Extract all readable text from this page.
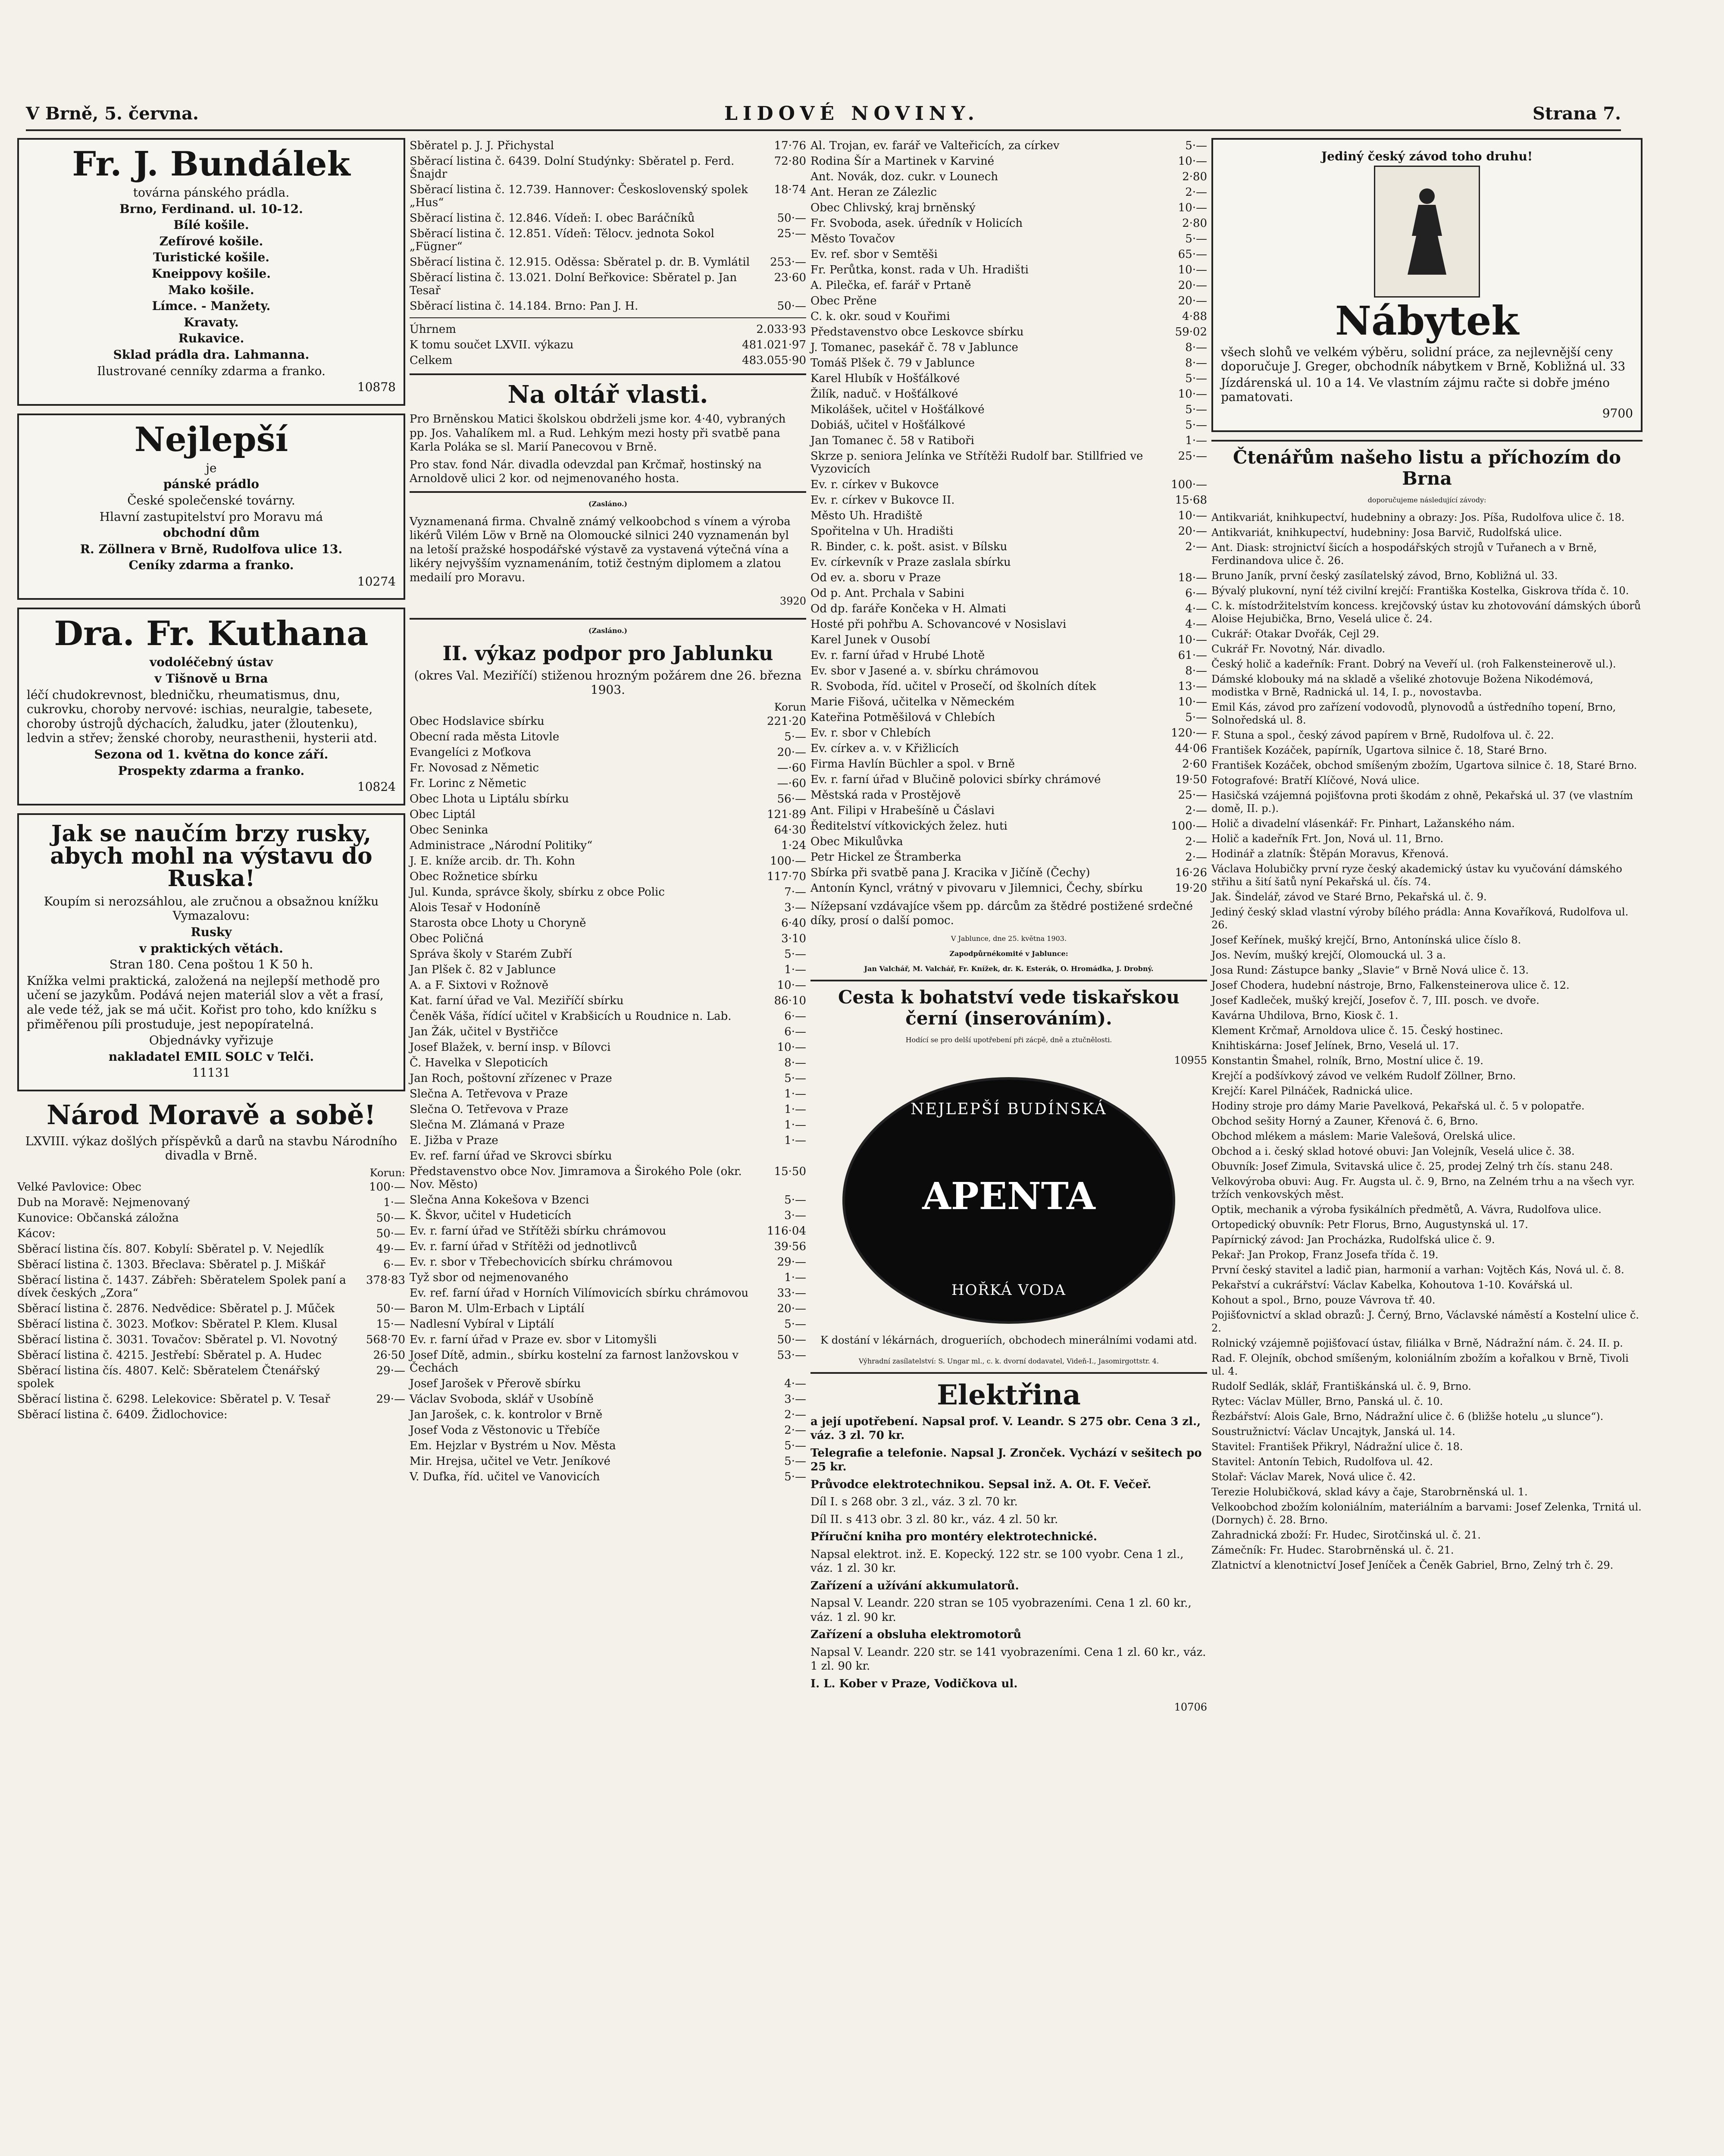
V Brně, 5. června.	LIDOVÉ NOVINY.	Strana 7.
Fr. J. Bundálek

továrna pánského prádla.

Brno, Ferdinand. ul. 10-12.

Bílé košile.

Zefírové košile.

Turistické košile.

Kneippovy košile.

Mako košile.

Límce. - Manžety.

Kravaty.

Rukavice.

Sklad prádla dra. Lahmanna.

Ilustrované cenníky zdarma a franko.

10878

Nejlepší

je

pánské prádlo

České společenské továrny.

Hlavní zastupitelství pro Moravu má

obchodní dům

R. Zöllnera v Brně, Rudolfova ulice 13.

Ceníky zdarma a franko.

10274

Dra. Fr. Kuthana

vodoléčebný ústav

v Tišnově u Brna

léčí chudokrevnost, bledničku, rheumatismus, dnu, cukrovku, choroby nervové: ischias, neuralgie, tabesete, choroby ústrojů dýchacích, žaludku, jater (žloutenku), ledvin a střev; ženské choroby, neurasthenii, hysterii atd.

Sezona od 1. května do konce září.

Prospekty zdarma a franko.

10824

Jak se naučím brzy rusky, abych mohl na výstavu do Ruska!

Koupím si nerozsáhlou, ale zručnou a obsažnou knížku Vymazalovu:

Rusky

v praktických větách.

Stran 180. Cena poštou 1 K 50 h.

Knížka velmi praktická, založená na nejlepší methodě pro učení se jazykům. Podává nejen materiál slov a vět a frasí, ale vede též, jak se má učit. Kořist pro toho, kdo knížku s přiměřenou píli prostuduje, jest nepopíratelná.

Objednávky vyřizuje

nakladatel EMIL SOLC v Telči.

11131

Národ Moravě a sobě!
LXVIII. výkaz došlých příspěvků a darů na stavbu Národního divadla v Brně.
Korun:
Velké Pavlovice: Obec	100·—
Dub na Moravě: Nejmenovaný	1·—
Kunovice: Občanská záložna	50·—
Kácov:	50·—
Sběrací listina čís. 807. Kobylí: Sběratel p. V. Nejedlík	49·—
Sběrací listina č. 1303. Břeclava: Sběratel p. J. Miškář	6·—
Sběrací listina č. 1437. Zábřeh: Sběratelem Spolek paní a dívek českých „Zora“	378·83
Sběrací listina č. 2876. Nedvědice: Sběratel p. J. Műček	50·—
Sběrací listina č. 3023. Moťkov: Sběratel P. Klem. Klusal	15·—
Sběrací listina č. 3031. Tovačov: Sběratel p. Vl. Novotný	568·70
Sběrací listina č. 4215. Jestřebí: Sběratel p. A. Hudec	26·50
Sběrací listina čís. 4807. Kelč: Sběratelem Čtenářský spolek	29·—
Sběrací listina č. 6298. Lelekovice: Sběratel p. V. Tesař	29·—
Sběrací listina č. 6409. Židlochovice:	
Sběratel p. J. J. Přichystal	17·76
Sběrací listina č. 6439. Dolní Studýnky: Sběratel p. Ferd. Šnajdr	72·80
Sběrací listina č. 12.739. Hannover: Československý spolek „Hus“	18·74
Sběrací listina č. 12.846. Vídeň: I. obec Baráčníků	50·—
Sběrací listina č. 12.851. Vídeň: Tělocv. jednota Sokol „Fügner“	25·—
Sběrací listina č. 12.915. Oděssa: Sběratel p. dr. B. Vymlátil	253·—
Sběrací listina č. 13.021. Dolní Beřkovice: Sběratel p. Jan Tesař	23·60
Sběrací listina č. 14.184. Brno: Pan J. H.	50·—
Úhrnem	2.033·93
K tomu součet LXVII. výkazu	481.021·97
Celkem	483.055·90
Na oltář vlasti.

Pro Brněnskou Matici školskou obdrželi jsme kor. 4·40, vybraných pp. Jos. Vahalíkem ml. a Rud. Lehkým mezi hosty při svatbě pana Karla Poláka se sl. Marií Panecovou v Brně.

Pro stav. fond Nár. divadla odevzdal pan Krčmař, hostinský na Arnoldově ulici 2 kor. od nejmenovaného hosta.

(Zasláno.)

Vyznamenaná firma. Chvalně známý velkoobchod s vínem a výroba likérů Vilém Löw v Brně na Olomoucké silnici 240 vyznamenán byl na letoší pražské hospodářské výstavě za vystavená výtečná vína a likéry nejvyšším vyznamenáním, totiž čestným diplomem a zlatou medailí pro Moravu.

3920

(Zasláno.)

II. výkaz podpor pro Jablunku
(okres Val. Meziříčí) stiženou hrozným požárem dne 26. března 1903.
Korun
Obec Hodslavice sbírku	221·20
Obecní rada města Litovle	5·—
Evangelíci z Moťkova	20·—
Fr. Novosad z Němetic	—·60
Fr. Lorinc z Němetic	—·60
Obec Lhota u Liptálu sbírku	56·—
Obec Liptál	121·89
Obec Seninka	64·30
Administrace „Národní Politiky“	1·24
J. E. kníže arcib. dr. Th. Kohn	100·—
Obec Rožnetice sbírku	117·70
Jul. Kunda, správce školy, sbírku z obce Polic	7·—
Alois Tesař v Hodoníně	3·—
Starosta obce Lhoty u Choryně	6·40
Obec Poličná	3·10
Správa školy v Starém Zubří	5·—
Jan Plšek č. 82 v Jablunce	1·—
A. a F. Sixtovi v Rožnově	10·—
Kat. farní úřad ve Val. Meziříčí sbírku	86·10
Čeněk Váša, řídící učitel v Krabšicích u Roudnice n. Lab.	6·—
Jan Žák, učitel v Bystřičce	6·—
Josef Blažek, v. berní insp. v Bílovci	10·—
Č. Havelka v Slepoticích	8·—
Jan Roch, poštovní zřízenec v Praze	5·—
Slečna A. Tetřevova v Praze	1·—
Slečna O. Tetřevova v Praze	1·—
Slečna M. Zlámaná v Praze	1·—
E. Jižba v Praze	1·—
Ev. ref. farní úřad ve Skrovci sbírku	
Představenstvo obce Nov. Jimramova a Širokého Pole (okr. Nov. Město)	15·50
Slečna Anna Kokešova v Bzenci	5·—
K. Škvor, učitel v Hudeticích	3·—
Ev. r. farní úřad ve Střítěži sbírku chrámovou	116·04
Ev. r. farní úřad v Střítěži od jednotlivců	39·56
Ev. r. sbor v Třebechovicích sbírku chrámovou	29·—
Tyž sbor od nejmenovaného	1·—
Ev. ref. farní úřad v Horních Vilímovicích sbírku chrámovou	33·—
Baron M. Ulm-Erbach v Liptálí	20·—
Nadlesní Vybíral v Liptálí	5·—
Ev. r. farní úřad v Praze ev. sbor v Litomyšli	50·—
Josef Dítě, admin., sbírku kostelní za farnost lanžovskou v Čechách	53·—
Josef Jarošek v Přerově sbírku	4·—
Václav Svoboda, sklář v Usobíně	3·—
Jan Jarošek, c. k. kontrolor v Brně	2·—
Josef Voda z Věstonovic u Třebíče	2·—
Em. Hejzlar v Bystrém u Nov. Města	5·—
Mir. Hrejsa, učitel ve Vetr. Jeníkové	5·—
V. Dufka, říd. učitel ve Vanovicích	5·—
Al. Trojan, ev. farář ve Valteřicích, za církev	5·—
Rodina Šír a Martinek v Karviné	10·—
Ant. Novák, doz. cukr. v Lounech	2·80
Ant. Heran ze Zálezlic	2·—
Obec Chlivský, kraj brněnský	10·—
Fr. Svoboda, asek. úředník v Holicích	2·80
Město Tovačov	5·—
Ev. ref. sbor v Semtěši	65·—
Fr. Perůtka, konst. rada v Uh. Hradišti	10·—
A. Pilečka, ef. farář v Prtaně	20·—
Obec Prěne	20·—
C. k. okr. soud v Kouřimi	4·88
Představenstvo obce Leskovce sbírku	59·02
J. Tomanec, pasekář č. 78 v Jablunce	8·—
Tomáš Plšek č. 79 v Jablunce	8·—
Karel Hlubík v Hošťálkové	5·—
Žilík, naduč. v Hošťálkové	10·—
Mikolášek, učitel v Hošťálkové	5·—
Dobiáš, učitel v Hošťálkové	5·—
Jan Tomanec č. 58 v Ratiboři	1·—
Skrze p. seniora Jelínka ve Střítěži Rudolf bar. Stillfried ve Vyzovicích	25·—
Ev. r. církev v Bukovce	100·—
Ev. r. církev v Bukovce II.	15·68
Město Uh. Hradiště	10·—
Spořitelna v Uh. Hradišti	20·—
R. Binder, c. k. pošt. asist. v Bílsku	2·—
Ev. církevník v Praze zaslala sbírku	
Od ev. a. sboru v Praze	18·—
Od p. Ant. Prchala v Sabini	6·—
Od dp. faráře Končeka v H. Almati	4·—
Hosté při pohřbu A. Schovancové v Nosislavi	4·—
Karel Junek v Ousobí	10·—
Ev. r. farní úřad v Hrubé Lhotě	61·—
Ev. sbor v Jasené a. v. sbírku chrámovou	8·—
R. Svoboda, říd. učitel v Prosečí, od školních dítek	13·—
Marie Fišová, učitelka v Německém	10·—
Kateřina Potměšilová v Chlebích	5·—
Ev. r. sbor v Chlebích	120·—
Ev. církev a. v. v Křižlicích	44·06
Firma Havlín Büchler a spol. v Brně	2·60
Ev. r. farní úřad v Blučině polovici sbírky chrámové	19·50
Městská rada v Prostějově	25·—
Ant. Filipi v Hrabešíně u Čáslavi	2·—
Ředitelství vítkovických želez. huti	100·—
Obec Mikulůvka	2·—
Petr Hickel ze Štramberka	2·—
Sbírka při svatbě pana J. Kracika v Jičíně (Čechy)	16·26
Antonín Kyncl, vrátný v pivovaru v Jilemnici, Čechy, sbírku	19·20

Nížepsaní vzdávajíce všem pp. dárcům za štědré postižené srdečné díky, prosí o další pomoc.

V Jablunce, dne 25. května 1903.

Zapodpůrnékomité v Jablunce:

Jan Valchář, M. Valchář, Fr. Knížek, dr. K. Esterák, O. Hromádka, J. Drobný.

Cesta k bohatství vede tiskařskou černí (inserováním).

Hodící se pro delší upotřebení při zácpě, dně a ztučnělosti.

10955

NEJLEPŠÍ BUDÍNSKÁ
APENTA
HOŘKÁ VODA

K dostání v lékárnách, drogueriích, obchodech minerálními vodami atd.

Výhradní zasílatelství: S. Ungar ml., c. k. dvorní dodavatel, Videň-I., Jasomirgottstr. 4.

Elektřina

a její upotřebení. Napsal prof. V. Leandr. S 275 obr. Cena 3 zl., váz. 3 zl. 70 kr.

Telegrafie a telefonie. Napsal J. Zronček. Vychází v sešitech po 25 kr.

Průvodce elektrotechnikou. Sepsal inž. A. Ot. F. Večeř.

Díl I. s 268 obr. 3 zl., váz. 3 zl. 70 kr.

Díl II. s 413 obr. 3 zl. 80 kr., váz. 4 zl. 50 kr.

Příruční kniha pro montéry elektrotechnické.

Napsal elektrot. inž. E. Kopecký. 122 str. se 100 vyobr. Cena 1 zl., váz. 1 zl. 30 kr.

Zařízení a užívání akkumulatorů.

Napsal V. Leandr. 220 stran se 105 vyobrazeními. Cena 1 zl. 60 kr., váz. 1 zl. 90 kr.

Zařízení a obsluha elektromotorů

Napsal V. Leandr. 220 str. se 141 vyobrazeními. Cena 1 zl. 60 kr., váz. 1 zl. 90 kr.

I. L. Kober v Praze, Vodičkova ul.

10706

Jediný český závod toho druhu!

Nábytek

všech slohů ve velkém výběru, solidní práce, za nejlevnější ceny doporučuje J. Greger, obchodník nábytkem v Brně, Kobližná ul. 33

Jízdárenská ul. 10 a 14. Ve vlastním zájmu račte si dobře jméno pamatovati.

9700

Čtenářům našeho listu a příchozím do Brna

doporučujeme následující závody:

Antikvariát, knihkupectví, hudebniny a obrazy: Jos. Píša, Rudolfova ulice č. 18.

Antikvariát, knihkupectví, hudebniny: Josa Barvič, Rudolfská ulice.

Ant. Diask: strojnictví šicích a hospodářských strojů v Tuřanech a v Brně, Ferdinandova ulice č. 26.

Bruno Janík, první český zasílatelský závod, Brno, Kobližná ul. 33.

Bývalý plukovní, nyní též civilní krejčí: Františka Kostelka, Giskrova třída č. 10.

C. k. místodržitelstvím koncess. krejčovský ústav ku zhotovování dámských úborů Aloise Hejubička, Brno, Veselá ulice č. 24.

Cukrář: Otakar Dvořák, Cejl 29.

Cukrář Fr. Novotný, Nár. divadlo.

Český holič a kadeřník: Frant. Dobrý na Veveří ul. (roh Falkensteinerově ul.).

Dámské klobouky má na skladě a všeliké zhotovuje Božena Nikodémová, modistka v Brně, Radnická ul. 14, I. p., novostavba.

Emil Kás, závod pro zařízení vodovodů, plynovodů a ústředního topení, Brno, Solnoředská ul. 8.

F. Stuna a spol., český závod papírem v Brně, Rudolfova ul. č. 22.

František Kozáček, papírník, Ugartova silnice č. 18, Staré Brno.

František Kozáček, obchod smíšeným zbožím, Ugartova silnice č. 18, Staré Brno.

Fotografové: Bratří Klíčové, Nová ulice.

Hasičská vzájemná pojišťovna proti škodám z ohně, Pekařská ul. 37 (ve vlastním domě, II. p.).

Holič a divadelní vlásenkář: Fr. Pinhart, Lažanského nám.

Holič a kadeřník Frt. Jon, Nová ul. 11, Brno.

Hodinář a zlatník: Štěpán Moravus, Křenová.

Václava Holubičky první ryze český akademický ústav ku vyučování dámského střihu a šití šatů nyní Pekařská ul. čís. 74.

Jak. Šindelář, závod ve Staré Brno, Pekařská ul. č. 9.

Jediný český sklad vlastní výroby bílého prádla: Anna Kovaříková, Rudolfova ul. 26.

Josef Keřínek, mušký krejčí, Brno, Antonínská ulice číslo 8.

Jos. Nevím, mušký krejčí, Olomoucká ul. 3 a.

Josa Rund: Zástupce banky „Slavie“ v Brně Nová ulice č. 13.

Josef Chodera, hudební nástroje, Brno, Falkensteinerova ulice č. 12.

Josef Kadleček, mušký krejčí, Josefov č. 7, III. posch. ve dvoře.

Kavárna Uhdilova, Brno, Kiosk č. 1.

Klement Krčmař, Arnoldova ulice č. 15. Český hostinec.

Knihtiskárna: Josef Jelínek, Brno, Veselá ul. 17.

Konstantin Šmahel, rolník, Brno, Mostní ulice č. 19.

Krejčí a podšívkový závod ve velkém Rudolf Zöllner, Brno.

Krejčí: Karel Pilnáček, Radnická ulice.

Hodiny stroje pro dámy Marie Pavelková, Pekařská ul. č. 5 v polopatře.

Obchod sešity Horný a Zauner, Křenová č. 6, Brno.

Obchod mlékem a máslem: Marie Valešová, Orelská ulice.

Obchod a i. český sklad hotové obuvi: Jan Volejník, Veselá ulice č. 38.

Obuvník: Josef Zimula, Svitavská ulice č. 25, prodej Zelný trh čís. stanu 248.

Velkovýroba obuvi: Aug. Fr. Augsta ul. č. 9, Brno, na Zelném trhu a na všech vyr. tržích venkovských měst.

Optik, mechanik a výroba fysikálních předmětů, A. Vávra, Rudolfova ulice.

Ortopedický obuvník: Petr Florus, Brno, Augustynská ul. 17.

Papírnický závod: Jan Procházka, Rudolfská ulice č. 9.

Pekař: Jan Prokop, Franz Josefa třída č. 19.

První český stavitel a ladič pian, harmonií a varhan: Vojtěch Kás, Nová ul. č. 8.

Pekařství a cukrářství: Václav Kabelka, Kohoutova 1-10. Kovářská ul.

Kohout a spol., Brno, pouze Vávrova tř. 40.

Pojišťovnictví a sklad obrazů: J. Černý, Brno, Václavské náměstí a Kostelní ulice č. 2.

Rolnický vzájemně pojišťovací ústav, filiálka v Brně, Nádražní nám. č. 24. II. p.

Rad. F. Olejník, obchod smíšeným, koloniálním zbožím a kořalkou v Brně, Tivoli ul. 4.

Rudolf Sedlák, sklář, Františkánská ul. č. 9, Brno.

Rytec: Václav Müller, Brno, Panská ul. č. 10.

Řezbářství: Alois Gale, Brno, Nádražní ulice č. 6 (bližše hotelu „u slunce“).

Soustružnictví: Václav Uncajtyk, Janská ul. 14.

Stavitel: František Přikryl, Nádražní ulice č. 18.

Stavitel: Antonín Tebich, Rudolfova ul. 42.

Stolař: Václav Marek, Nová ulice č. 42.

Terezie Holubičková, sklad kávy a čaje, Starobrněnská ul. 1.

Velkoobchod zbožím koloniálním, materiálním a barvami: Josef Zelenka, Trnitá ul. (Dornych) č. 28. Brno.

Zahradnická zboží: Fr. Hudec, Sirotčinská ul. č. 21.

Zámečník: Fr. Hudec. Starobrněnská ul. č. 21.

Zlatnictví a klenotnictví Josef Jeníček a Čeněk Gabriel, Brno, Zelný trh č. 29.
